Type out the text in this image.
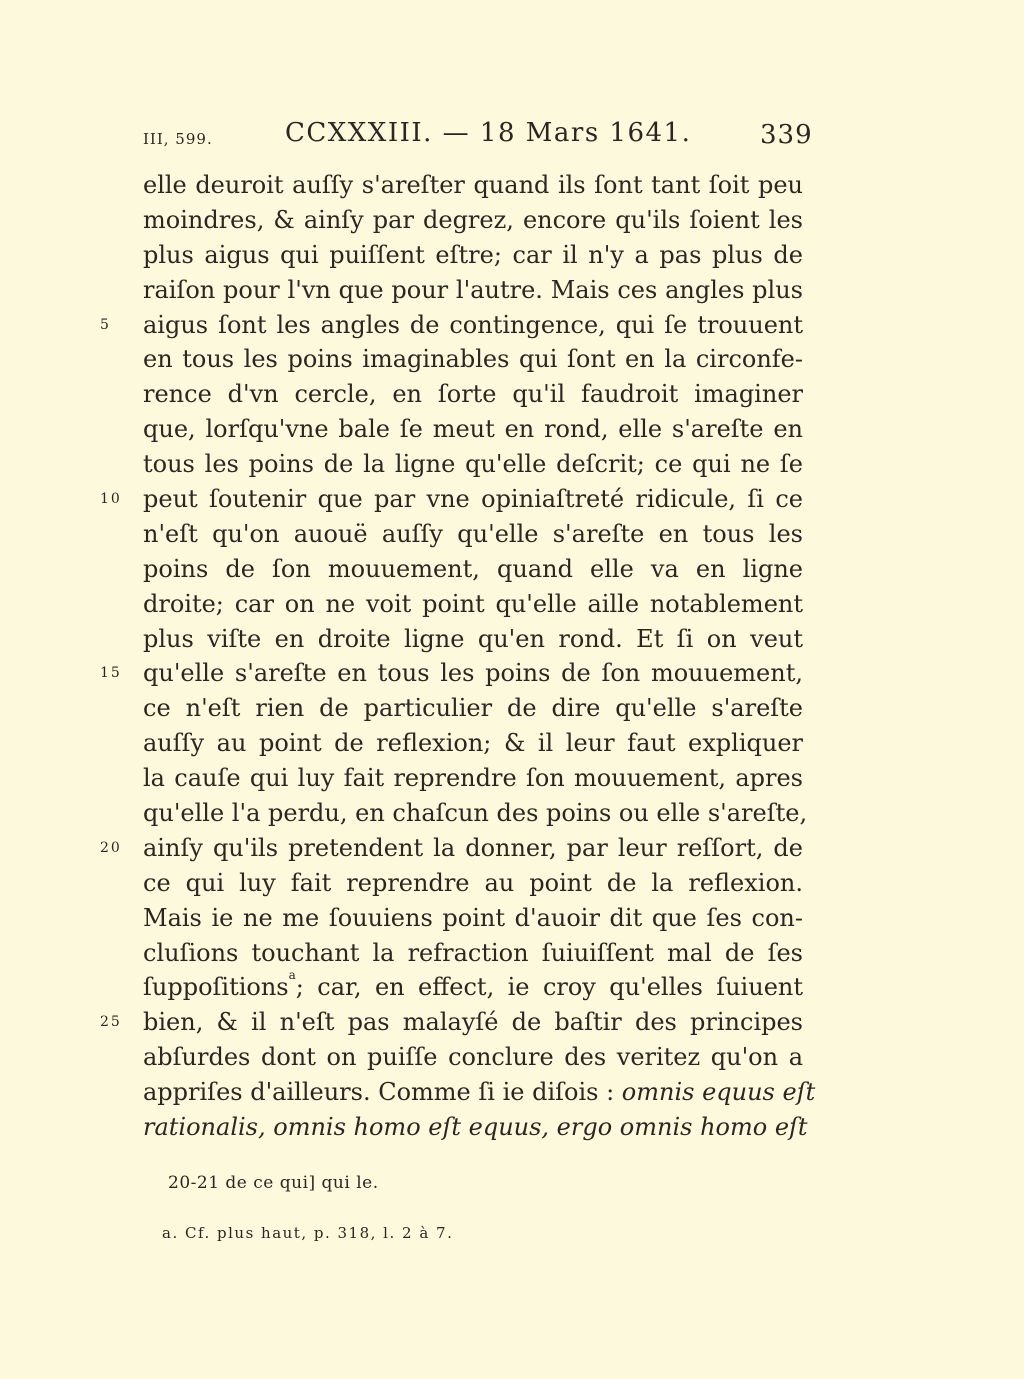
III, 599.	CCXXXIII. — 18 Mars 1641.	339
elle deuroit auſſy s'areſter quand ils ſont tant ſoit peu
moindres, & ainſy par degrez, encore qu'ils ſoient les
plus aigus qui puiſſent eſtre; car il n'y a pas plus de
raiſon pour l'vn que pour l'autre. Mais ces angles plus
5 aigus ſont les angles de contingence, qui ſe trouuent
en tous les poins imaginables qui ſont en la circonfe-
rence d'vn cercle, en ſorte qu'il faudroit imaginer
que, lorſqu'vne bale ſe meut en rond, elle s'areſte en
tous les poins de la ligne qu'elle deſcrit; ce qui ne ſe
10 peut ſoutenir que par vne opiniaſtreté ridicule, ſi ce
n'eſt qu'on auouë auſſy qu'elle s'areſte en tous les
poins de ſon mouuement, quand elle va en ligne
droite; car on ne voit point qu'elle aille notablement
plus viſte en droite ligne qu'en rond. Et ſi on veut
15 qu'elle s'areſte en tous les poins de ſon mouuement,
ce n'eſt rien de particulier de dire qu'elle s'areſte
auſſy au point de reflexion; & il leur faut expliquer
la cauſe qui luy fait reprendre ſon mouuement, apres
qu'elle l'a perdu, en chaſcun des poins ou elle s'areſte,
20 ainſy qu'ils pretendent la donner, par leur reſſort, de
ce qui luy fait reprendre au point de la reflexion.
Mais ie ne me ſouuiens point d'auoir dit que ſes con-
cluſions touchant la refraction ſuiuiſſent mal de ſes
ſuppoſitions$^a$; car, en effect, ie croy qu'elles ſuiuent
25 bien, & il n'eſt pas malayſé de baſtir des principes
abſurdes dont on puiſſe conclure des veritez qu'on a
appriſes d'ailleurs. Comme ſi ie diſois : omnis equus eſt
rationalis, omnis homo eſt equus, ergo omnis homo eſt
20-21 de ce qui] qui le.
a. Cf. plus haut, p. 318, l. 2 à 7.
